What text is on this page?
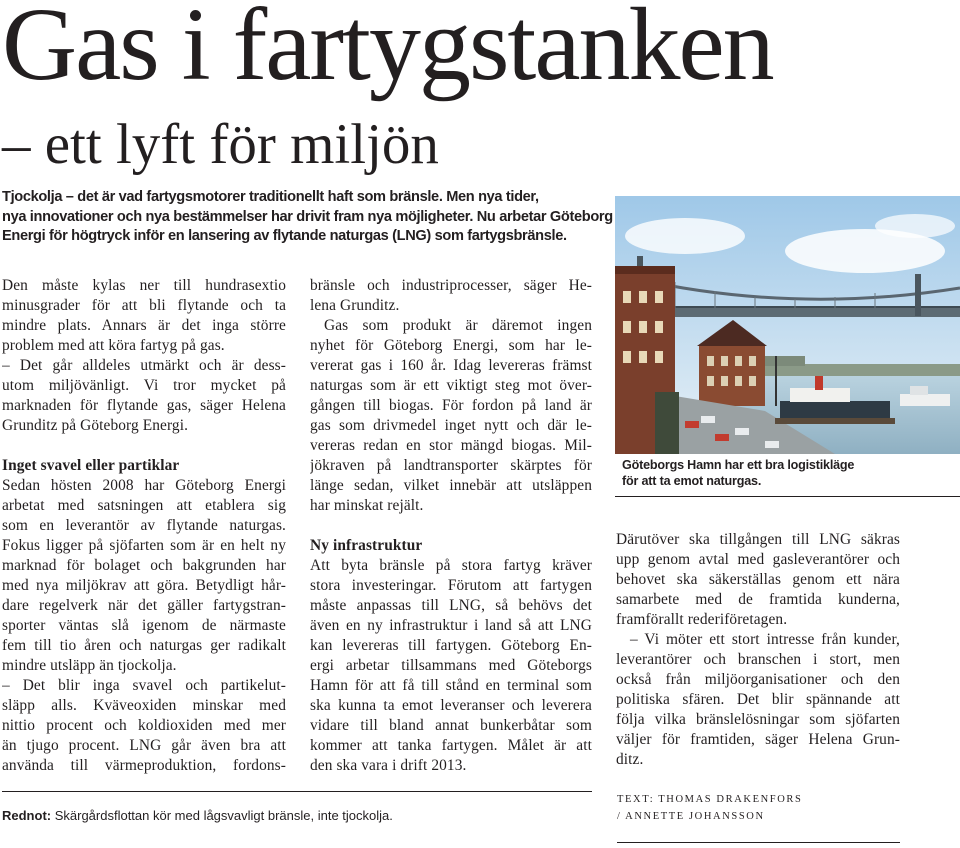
Gas i fartygstanken
– ett lyft för miljön
Tjockolja – det är vad fartygsmotorer traditionellt haft som bränsle. Men nya tider,
nya innovationer och nya bestämmelser har drivit fram nya möjligheter. Nu arbetar Göteborg
Energi för högtryck inför en lansering av flytande naturgas (LNG) som fartygsbränsle.
Den måste kylas ner till hundrasextio
minusgrader för att bli flytande och ta
mindre plats. Annars är det inga större
problem med att köra fartyg på gas.
– Det går alldeles utmärkt och är dess-
utom miljövänligt. Vi tror mycket på
marknaden för flytande gas, säger Helena
Grunditz på Göteborg Energi.
Inget svavel eller partiklar
Sedan hösten 2008 har Göteborg Energi
arbetat med satsningen att etablera sig
som en leverantör av flytande naturgas.
Fokus ligger på sjöfarten som är en helt ny
marknad för bolaget och bakgrunden har
med nya miljökrav att göra. Betydligt hår-
dare regelverk när det gäller fartygstran-
sporter väntas slå igenom de närmaste
fem till tio åren och naturgas ger radikalt
mindre utsläpp än tjockolja.
– Det blir inga svavel och partikelut-
släpp alls. Kväveoxiden minskar med
nittio procent och koldioxiden med mer
än tjugo procent. LNG går även bra att
använda till värmeproduktion, fordons-
bränsle och industriprocesser, säger He-
lena Grunditz.
Gas som produkt är däremot ingen
nyhet för Göteborg Energi, som har le-
vererat gas i 160 år. Idag levereras främst
naturgas som är ett viktigt steg mot över-
gången till biogas. För fordon på land är
gas som drivmedel inget nytt och där le-
vereras redan en stor mängd biogas. Mil-
jökraven på landtransporter skärptes för
länge sedan, vilket innebär att utsläppen
har minskat rejält.
Ny infrastruktur
Att byta bränsle på stora fartyg kräver
stora investeringar. Förutom att fartygen
måste anpassas till LNG, så behövs det
även en ny infrastruktur i land så att LNG
kan levereras till fartygen. Göteborg En-
ergi arbetar tillsammans med Göteborgs
Hamn för att få till stånd en terminal som
ska kunna ta emot leveranser och leverera
vidare till bland annat bunkerbåtar som
kommer att tanka fartygen. Målet är att
den ska vara i drift 2013.
Göteborgs Hamn har ett bra logistikläge
för att ta emot naturgas.
Därutöver ska tillgången till LNG säkras
upp genom avtal med gasleverantörer och
behovet ska säkerställas genom ett nära
samarbete med de framtida kunderna,
framförallt rederiföretagen.
– Vi möter ett stort intresse från kunder,
leverantörer och branschen i stort, men
också från miljöorganisationer och den
politiska sfären. Det blir spännande att
följa vilka bränslelösningar som sjöfarten
väljer för framtiden, säger Helena Grun-
ditz.
Rednot: Skärgårdsflottan kör med lågsvavligt bränsle, inte tjockolja.
TEXT: THOMAS DRAKENFORS
/ ANNETTE JOHANSSON
